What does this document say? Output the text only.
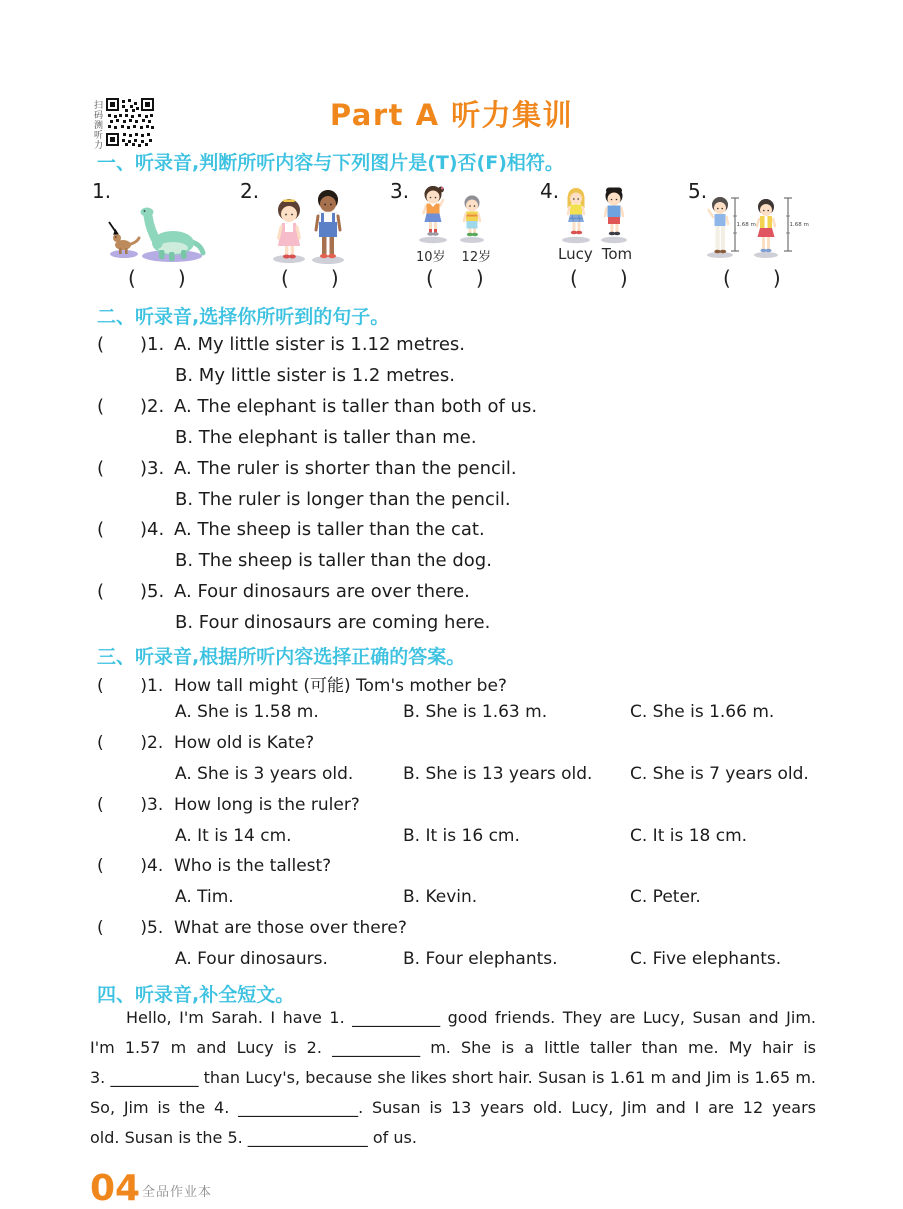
扫码测听力	Part A 听力集训
一、听录音,判断所听内容与下列图片是(T)否(F)相符。
1.	2.	3.	4.	5.
10岁 12岁	Lucy Tom
1.68 m	1.68 m
( )	( )	( )	( )	( )
二、听录音,选择你所听到的句子。
( ) 1. A. My little sister is 1.12 metres.
B. My little sister is 1.2 metres.
( ) 2. A. The elephant is taller than both of us.
B. The elephant is taller than me.
( ) 3. A. The ruler is shorter than the pencil.
B. The ruler is longer than the pencil.
( ) 4. A. The sheep is taller than the cat.
B. The sheep is taller than the dog.
( ) 5. A. Four dinosaurs are over there.
B. Four dinosaurs are coming here.
三、听录音,根据所听内容选择正确的答案。
( ) 1. How tall might (可能) Tom's mother be?
A. She is 1.58 m.	B. She is 1.63 m.	C. She is 1.66 m.
( ) 2. How old is Kate?
A. She is 3 years old.	B. She is 13 years old. C. She is 7 years old.
( ) 3. How long is the ruler?
A. It is 14 cm.	B. It is 16 cm.	C. It is 18 cm.
( ) 4. Who is the tallest?
A. Tim.	B. Kevin.	C. Peter.
( ) 5. What are those over there?
A. Four dinosaurs.	B. Four elephants.	C. Five elephants.
四、听录音,补全短文。
Hello, I'm Sarah. I have 1. ___________ good friends. They are Lucy, Susan and Jim.
I'm 1.57 m and Lucy is 2. ___________ m. She is a little taller than me. My hair is
3. ___________ than Lucy's, because she likes short hair. Susan is 1.61 m and Jim is 1.65 m.
So, Jim is the 4. _______________. Susan is 13 years old. Lucy, Jim and I are 12 years
old. Susan is the 5. _______________ of us.
04 全品作业本
